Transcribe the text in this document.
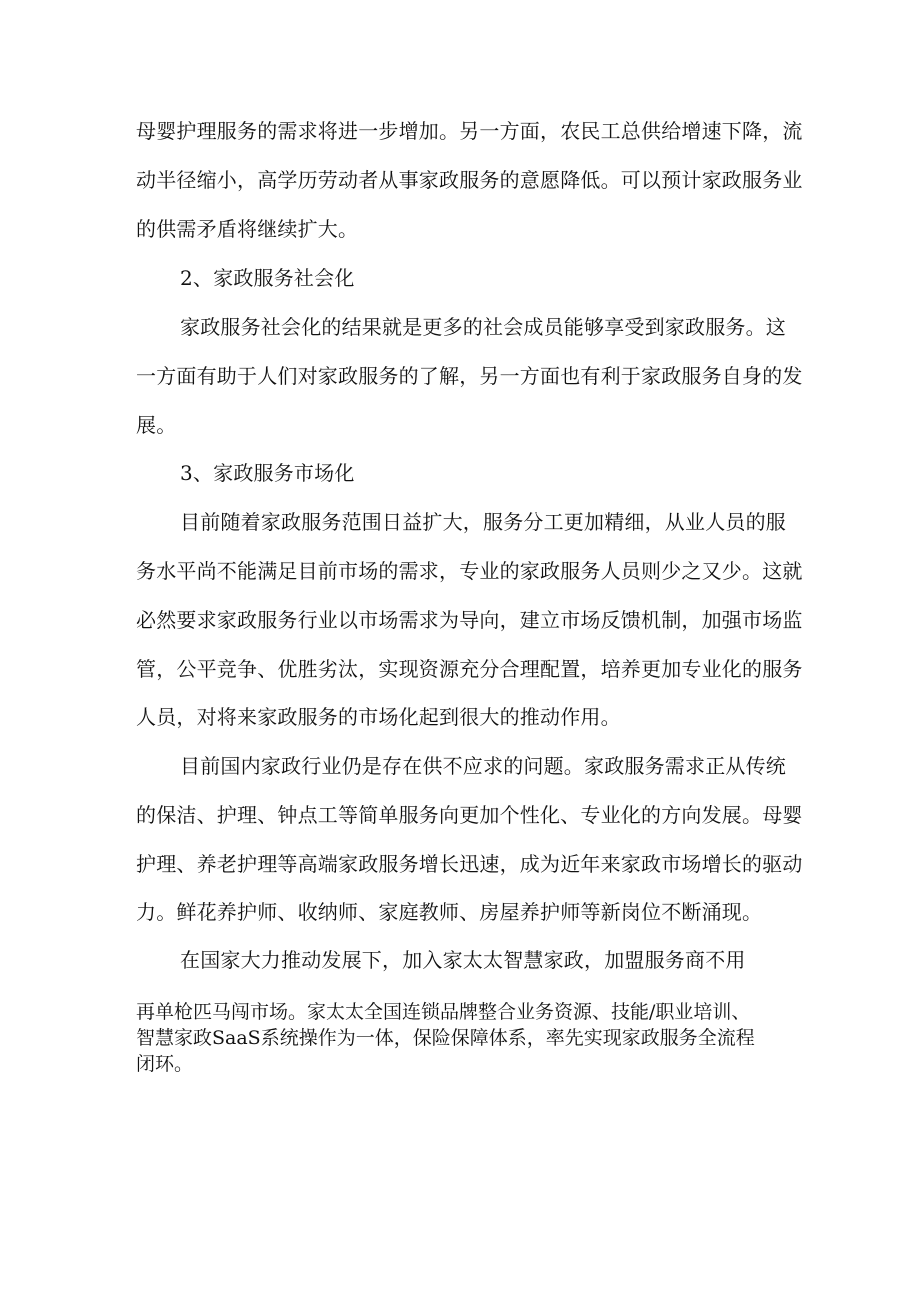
母婴护理服务的需求将进一步增加。另一方面，农民工总供给增速下降，流
动半径缩小，高学历劳动者从事家政服务的意愿降低。可以预计家政服务业
的供需矛盾将继续扩大。
2、家政服务社会化
家政服务社会化的结果就是更多的社会成员能够享受到家政服务。这
一方面有助于人们对家政服务的了解，另一方面也有利于家政服务自身的发
展。
3、家政服务市场化
目前随着家政服务范围日益扩大，服务分工更加精细，从业人员的服
务水平尚不能满足目前市场的需求，专业的家政服务人员则少之又少。这就
必然要求家政服务行业以市场需求为导向，建立市场反馈机制，加强市场监
管，公平竞争、优胜劣汰，实现资源充分合理配置，培养更加专业化的服务
人员，对将来家政服务的市场化起到很大的推动作用。
目前国内家政行业仍是存在供不应求的问题。家政服务需求正从传统
的保洁、护理、钟点工等简单服务向更加个性化、专业化的方向发展。母婴
护理、养老护理等高端家政服务增长迅速，成为近年来家政市场增长的驱动
力。鲜花养护师、收纳师、家庭教师、房屋养护师等新岗位不断涌现。
在国家大力推动发展下，加入家太太智慧家政，加盟服务商不用
再单枪匹马闯市场。家太太全国连锁品牌整合业务资源、技能/职业培训、
智慧家政SaaS系统操作为一体，保险保障体系，率先实现家政服务全流程
闭环。
